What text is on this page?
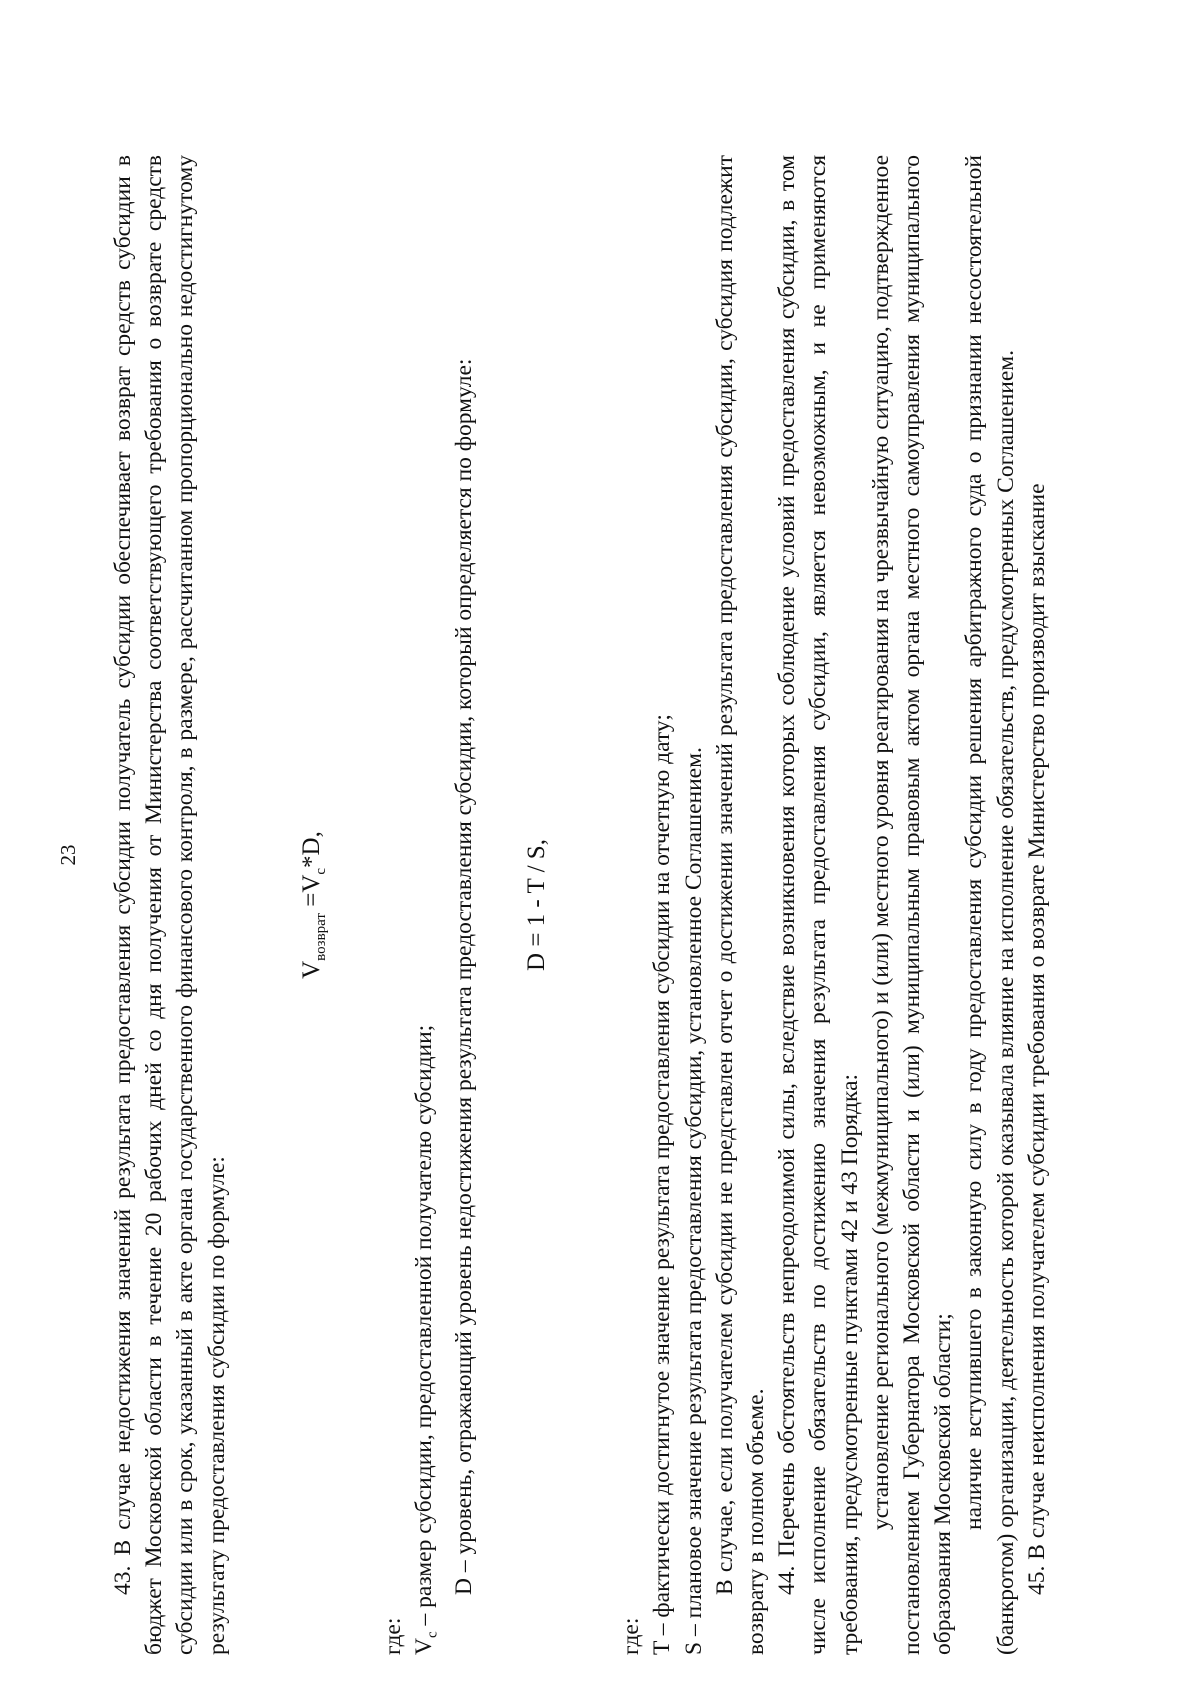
23 43. В случае недостижения значений результата предоставления субсидии получатель субсидии обеспечивает возврат средств субсидии в бюджет Московской области в течение 20 рабочих дней со дня получения от Министерства соответствующего требования о возврате средств субсидии или в срок, указанный в акте органа государственного финансового контроля, в размере, рассчитанном пропорционально недостигнутому результату предоставления субсидии по формуле:

$V_{возврат} =V_c*D$,

где: $V_c$ – размер субсидии, предоставленной получателю субсидии; D – уровень, отражающий уровень недостижения результата предоставления субсидии, который определяется по формуле: D = 1 - T / S,

где: T – фактически достигнутое значение результата предоставления субсидии на отчетную дату; S – плановое значение результата предоставления субсидии, установленное Соглашением. В случае, если получателем субсидии не представлен отчет о достижении значений результата предоставления субсидии, субсидия подлежит возврату в полном объеме. 44. Перечень обстоятельств непреодолимой силы, вследствие возникновения которых соблюдение условий предоставления субсидии, в том числе исполнение обязательств по достижению значения результата предоставления субсидии, является невозможным, и не применяются требования, предусмотренные пунктами 42 и 43 Порядка: установление регионального (межмуниципального) и (или) местного уровня реагирования на чрезвычайную ситуацию, подтвержденное постановлением Губернатора Московской области и (или) муниципальным правовым актом органа местного самоуправления муниципального образования Московской области; наличие вступившего в законную силу в году предоставления субсидии решения арбитражного суда о признании несостоятельной (банкротом) организации, деятельность которой оказывала влияние на исполнение обязательств, предусмотренных Соглашением. 45. В случае неисполнения получателем субсидии требования о возврате Министерство производит взыскание
